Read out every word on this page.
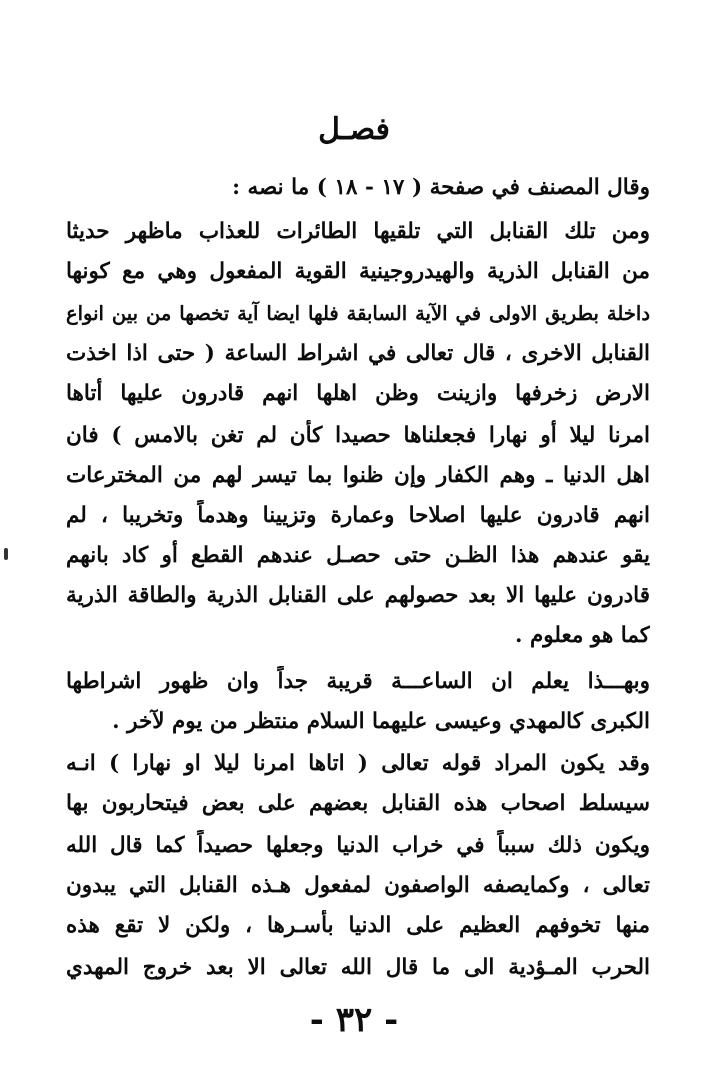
فصـل
وقال المصنف في صفحة ( ١٧ - ١٨ ) ما نصه :
ومن تلك القنابل التي تلقيها الطائرات للعذاب ماظهر حديثا
من القنابل الذرية والهيدروجينية القوية المفعول وهي مع كونها
داخلة بطريق الاولى في الآية السابقة فلها ايضا آية تخصها من بين انواع
القنابل الاخرى ، قال تعالى في اشراط الساعة ( حتى اذا اخذت
الارض زخرفها وازينت وظن اهلها انهم قادرون عليها أتاها
امرنا ليلا أو نهارا فجعلناها حصيدا كأن لم تغن بالامس ) فان
اهل الدنيا ـ وهم الكفار وإن ظنوا بما تيسر لهم من المخترعات
انهم قادرون عليها اصلاحا وعمارة وتزيينا وهدماً وتخريبا ، لم
يقو عندهم هذا الظـن حتى حصـل عندهم القطع أو كاد بانهم
قادرون عليها الا بعد حصولهم على القنابل الذرية والطاقة الذرية
كما هو معلوم .
وبهـــذا يعلم ان الساعـــة قريبة جداً وان ظهور اشراطها
الكبرى كالمهدي وعيسى عليهما السلام منتظر من يوم لآخر .
وقد يكون المراد قوله تعالى ( اتاها امرنا ليلا او نهارا ) انـه
سيسلط اصحاب هذه القنابل بعضهم على بعض فيتحاربون بها
ويكون ذلك سبباً في خراب الدنيا وجعلها حصيداً كما قال الله
تعالى ، وكمايصفه الواصفون لمفعول هـذه القنابل التي يبدون
منها تخوفهم العظيم على الدنيا بأسـرها ، ولكن لا تقع هذه
الحرب المـؤدية الى ما قال الله تعالى الا بعد خروج المهدي
- ٣٢ -
